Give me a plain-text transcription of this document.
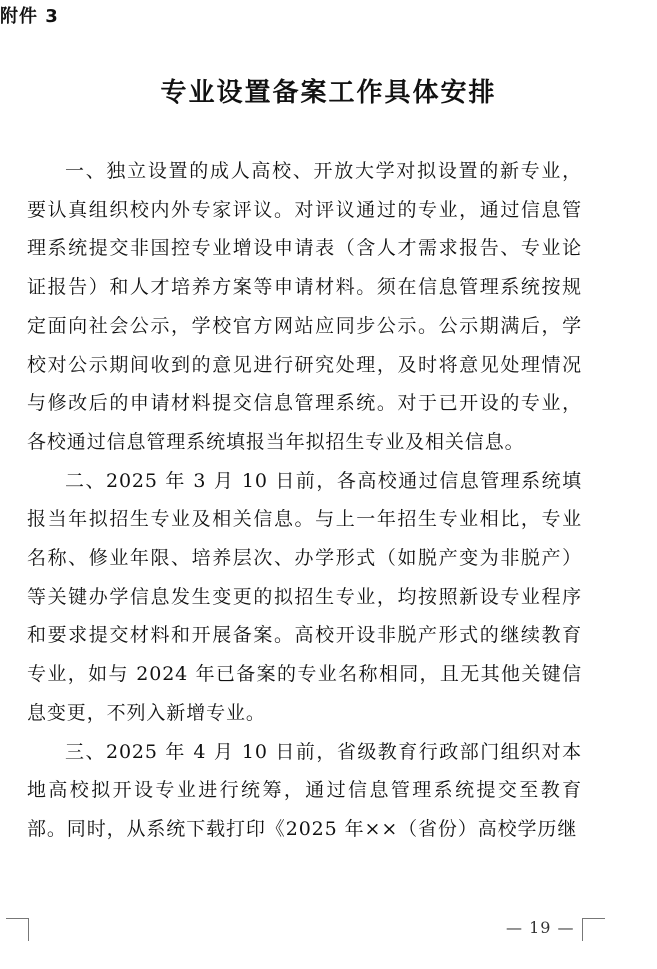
附件 3
专业设置备案工作具体安排

一、独立设置的成人高校、开放大学对拟设置的新专业，要认真组织校内外专家评议。对评议通过的专业，通过信息管理系统提交非国控专业增设申请表（含人才需求报告、专业论证报告）和人才培养方案等申请材料。须在信息管理系统按规定面向社会公示，学校官方网站应同步公示。公示期满后，学校对公示期间收到的意见进行研究处理，及时将意见处理情况与修改后的申请材料提交信息管理系统。对于已开设的专业，各校通过信息管理系统填报当年拟招生专业及相关信息。

二、2025 年 3 月 10 日前，各高校通过信息管理系统填报当年拟招生专业及相关信息。与上一年招生专业相比，专业名称、修业年限、培养层次、办学形式（如脱产变为非脱产）等关键办学信息发生变更的拟招生专业，均按照新设专业程序和要求提交材料和开展备案。高校开设非脱产形式的继续教育专业，如与 2024 年已备案的专业名称相同，且无其他关键信息变更，不列入新增专业。

三、2025 年 4 月 10 日前，省级教育行政部门组织对本地高校拟开设专业进行统筹，通过信息管理系统提交至教育部。同时，从系统下载打印《2025 年××（省份）高校学历继

— 19 —
